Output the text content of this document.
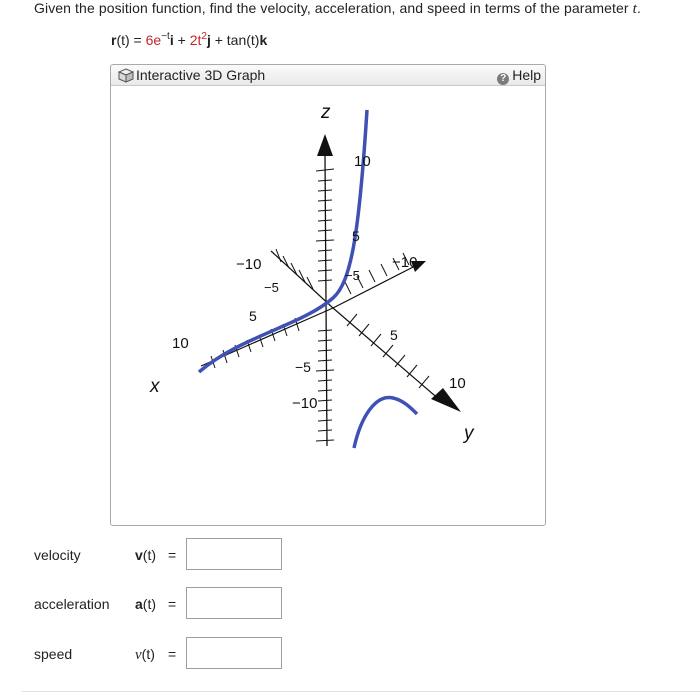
Given the position function, find the velocity, acceleration, and speed in terms of the parameter t.
$r(t) = 6e^{-t}i + 2t^2j + \tan(t)k$
Interactive 3D Graph	? Help
z
x
y
10
5
−5
−10
−10
−5
5
10
−10
−5
5
10
velocity	v(t) =
acceleration a(t) =
speed	v(t) =
